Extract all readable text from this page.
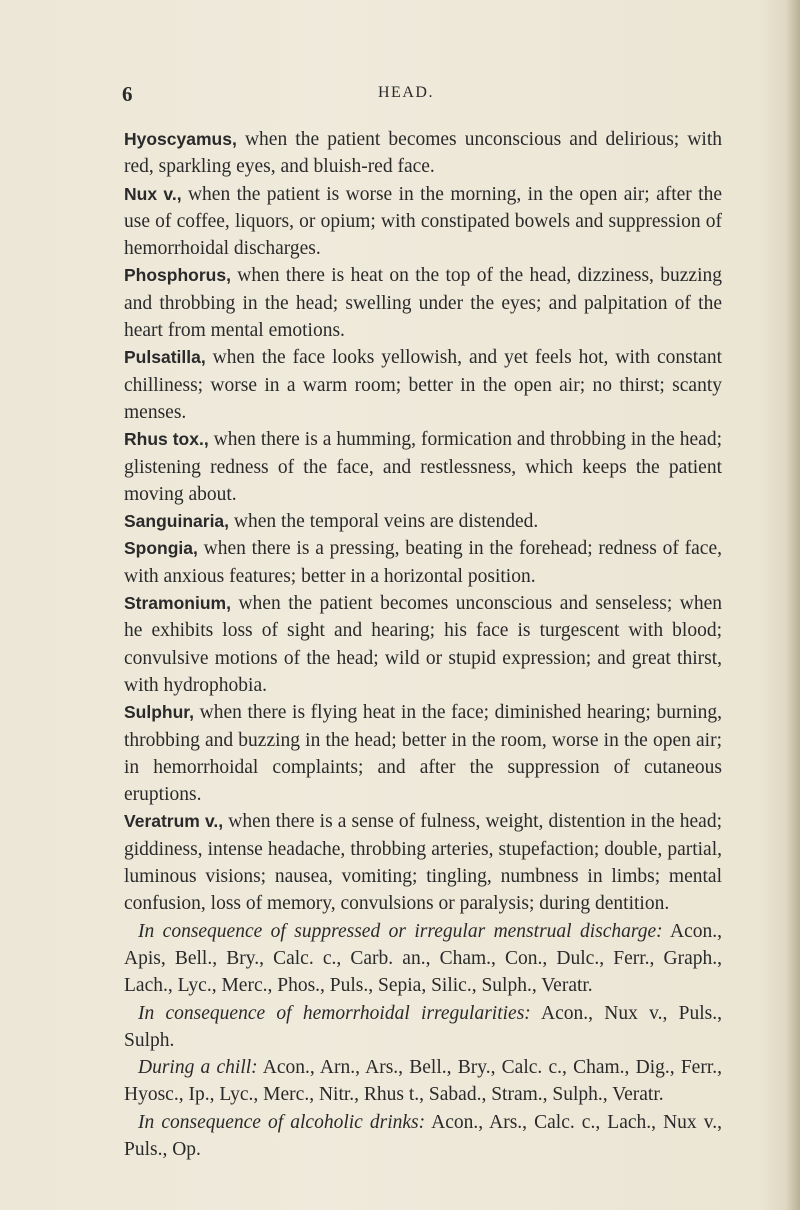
6	HEAD.

Hyoscyamus, when the patient becomes unconscious and delirious; with red, sparkling eyes, and bluish-red face.

Nux v., when the patient is worse in the morning, in the open air; after the use of coffee, liquors, or opium; with constipated bowels and suppression of hemorrhoidal discharges.

Phosphorus, when there is heat on the top of the head, dizziness, buzzing and throbbing in the head; swelling under the eyes; and palpitation of the heart from mental emotions.

Pulsatilla, when the face looks yellowish, and yet feels hot, with constant chilliness; worse in a warm room; better in the open air; no thirst; scanty menses.

Rhus tox., when there is a humming, formication and throbbing in the head; glistening redness of the face, and restlessness, which keeps the patient moving about.

Sanguinaria, when the temporal veins are distended.

Spongia, when there is a pressing, beating in the forehead; redness of face, with anxious features; better in a horizontal position.

Stramonium, when the patient becomes unconscious and senseless; when he exhibits loss of sight and hearing; his face is turgescent with blood; convulsive motions of the head; wild or stupid expression; and great thirst, with hydrophobia.

Sulphur, when there is flying heat in the face; diminished hearing; burning, throbbing and buzzing in the head; better in the room, worse in the open air; in hemorrhoidal complaints; and after the suppression of cutaneous eruptions.

Veratrum v., when there is a sense of fulness, weight, distention in the head; giddiness, intense headache, throbbing arteries, stupefaction; double, partial, luminous visions; nausea, vomiting; tingling, numbness in limbs; mental confusion, loss of memory, convulsions or paralysis; during dentition.

In consequence of suppressed or irregular menstrual discharge: Acon., Apis, Bell., Bry., Calc. c., Carb. an., Cham., Con., Dulc., Ferr., Graph., Lach., Lyc., Merc., Phos., Puls., Sepia, Silic., Sulph., Veratr.

In consequence of hemorrhoidal irregularities: Acon., Nux v., Puls., Sulph.

During a chill: Acon., Arn., Ars., Bell., Bry., Calc. c., Cham., Dig., Ferr., Hyosc., Ip., Lyc., Merc., Nitr., Rhus t., Sabad., Stram., Sulph., Veratr.

In consequence of alcoholic drinks: Acon., Ars., Calc. c., Lach., Nux v., Puls., Op.
